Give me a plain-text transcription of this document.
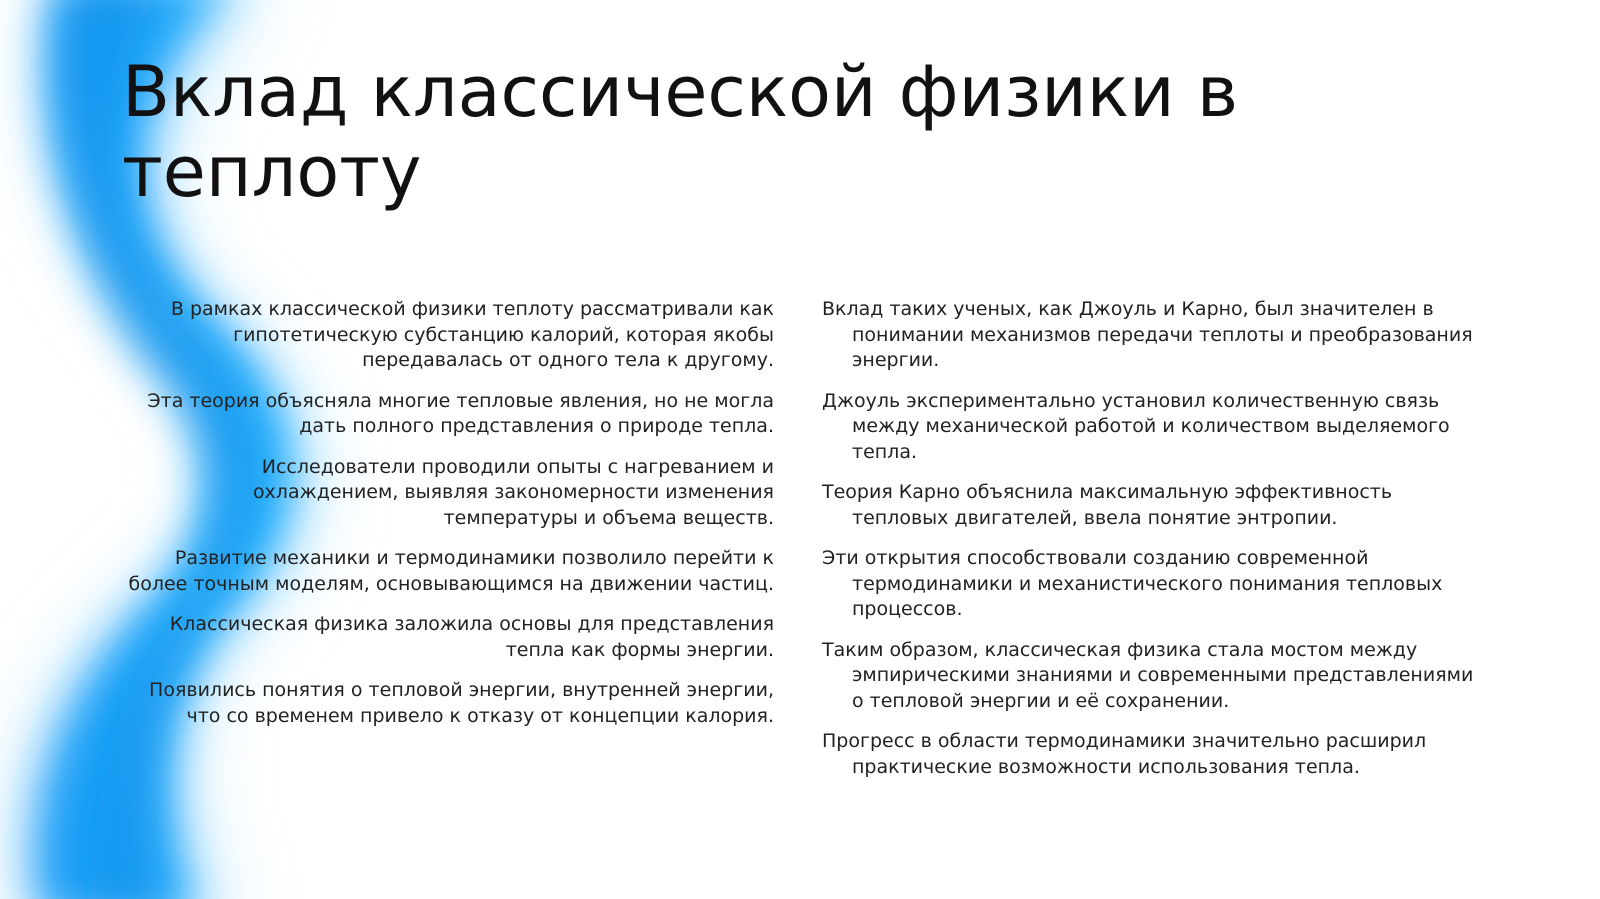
Вклад классической физики в теплоту
В рамках классической физики теплоту рассматривали как гипотетическую субстанцию калорий, которая якобы передавалась от одного тела к другому.
Эта теория объясняла многие тепловые явления, но не могла дать полного представления о природе тепла.
Исследователи проводили опыты с нагреванием и охлаждением, выявляя закономерности изменения температуры и объема веществ.
Развитие механики и термодинамики позволило перейти к более точным моделям, основывающимся на движении частиц.
Классическая физика заложила основы для представления тепла как формы энергии.
Появились понятия о тепловой энергии, внутренней энергии, что со временем привело к отказу от концепции калория.
Вклад таких ученых, как Джоуль и Карно, был значителен в понимании механизмов передачи теплоты и преобразования энергии.
Джоуль экспериментально установил количественную связь между механической работой и количеством выделяемого тепла.
Теория Карно объяснила максимальную эффективность тепловых двигателей, ввела понятие энтропии.
Эти открытия способствовали созданию современной термодинамики и механистического понимания тепловых процессов.
Таким образом, классическая физика стала мостом между эмпирическими знаниями и современными представлениями о тепловой энергии и её сохранении.
Прогресс в области термодинамики значительно расширил практические возможности использования тепла.
